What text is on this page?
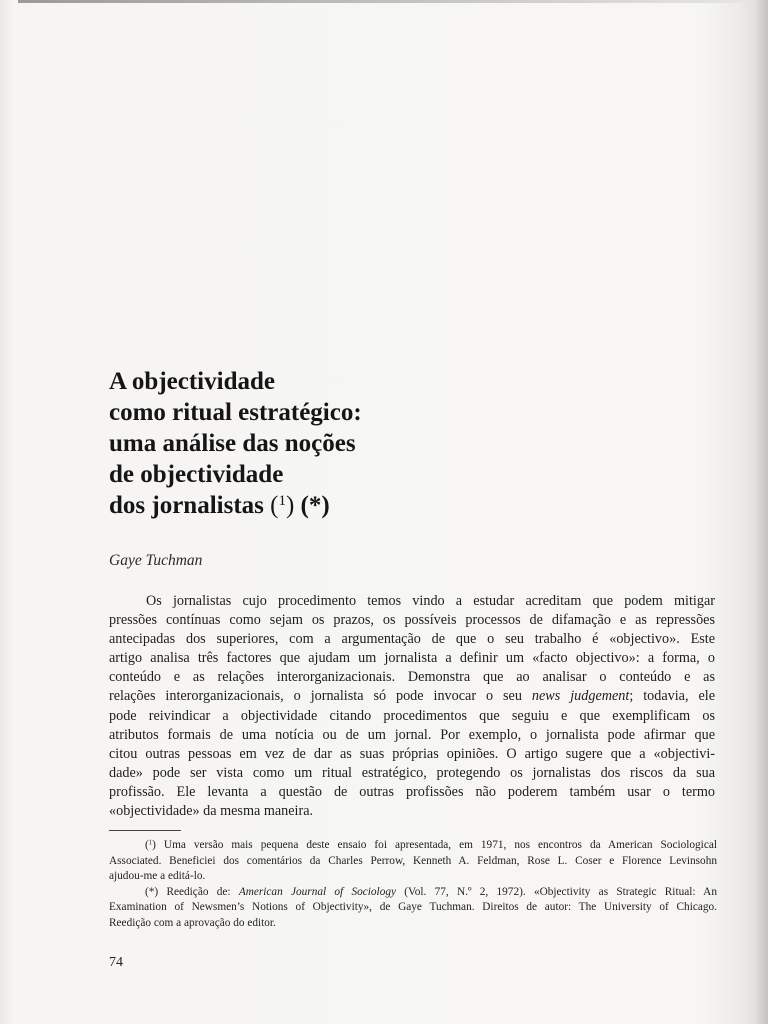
A objectividade
como ritual estratégico:
uma análise das noções
de objectividade
dos jornalistas ($^1$) (*)
Gaye Tuchman
Os jornalistas cujo procedimento temos vindo a estudar acreditam que podem mitigar
pressões contínuas como sejam os prazos, os possíveis processos de difamação e as repressões
antecipadas dos superiores, com a argumentação de que o seu trabalho é «objectivo». Este
artigo analisa três factores que ajudam um jornalista a definir um «facto objectivo»: a forma, o
conteúdo e as relações interorganizacionais. Demonstra que ao analisar o conteúdo e as
relações interorganizacionais, o jornalista só pode invocar o seu news judgement; todavia, ele
pode reivindicar a objectividade citando procedimentos que seguiu e que exemplificam os
atributos formais de uma notícia ou de um jornal. Por exemplo, o jornalista pode afirmar que
citou outras pessoas em vez de dar as suas próprias opiniões. O artigo sugere que a «objectivi-
dade» pode ser vista como um ritual estratégico, protegendo os jornalistas dos riscos da sua
profissão. Ele levanta a questão de outras profissões não poderem também usar o termo
«objectividade» da mesma maneira.
($^1$) Uma versão mais pequena deste ensaio foi apresentada, em 1971, nos encontros da American Sociological
Associated. Beneficiei dos comentários da Charles Perrow, Kenneth A. Feldman, Rose L. Coser e Florence Levinsohn
ajudou-me a editá-lo.
(*) Reedição de: American Journal of Sociology (Vol. 77, N.º 2, 1972). «Objectivity as Strategic Ritual: An
Examination of Newsmen’s Notions of Objectivity», de Gaye Tuchman. Direitos de autor: The University of Chicago.
Reedição com a aprovação do editor.
74
